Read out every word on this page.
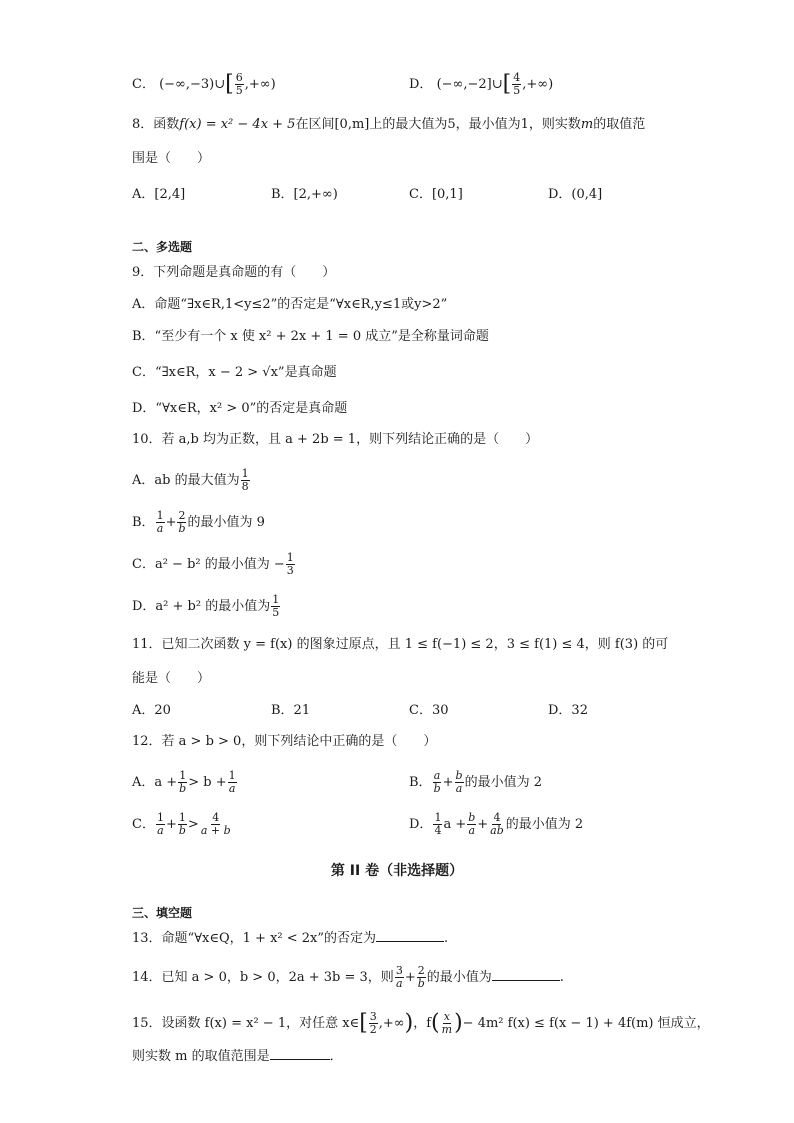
C． (−∞,−3)∪[ $\frac{6}{5}$ ,+∞)	D． (−∞,−2]∪[ $\frac{4}{5}$ ,+∞)
8．函数f(x) = x² − 4x + 5在区间[0,m]上的最大值为5，最小值为1，则实数m的取值范
围是（　　）
A．[2,4]	B．[2,+∞)	C．[0,1]	D．(0,4]
二、多选题
9．下列命题是真命题的有（　　）
A．命题“∃x∈R,1<y≤2”的否定是“∀x∈R,y≤1或y>2”
B．“至少有一个 x 使 x² + 2x + 1 = 0 成立”是全称量词命题
C．“∃x∈R，x − 2 > √x”是真命题
D．“∀x∈R，x² > 0”的否定是真命题
10．若 a,b 均为正数，且 a + 2b = 1，则下列结论正确的是（　　）
A．ab 的最大值为 $\frac{1}{8}$
B． $\frac{1}{a} + \frac{2}{b}$ 的最小值为 9
C．a² − b² 的最小值为 − $\frac{1}{3}$
D．a² + b² 的最小值为 $\frac{1}{5}$
11．已知二次函数 y = f(x) 的图象过原点，且 1 ≤ f(−1) ≤ 2，3 ≤ f(1) ≤ 4，则 f(3) 的可
能是（　　）
A．20	B．21	C．30	D．32
12．若 a > b > 0，则下列结论中正确的是（　　）
A．$a + \frac{1}{b} > b + \frac{1}{a}$	B． $\frac{a}{b} + \frac{b}{a}$ 的最小值为 2
C． $\frac{1}{a} + \frac{1}{b} > \frac{4}{a + b}$	D． $\frac{1}{4}$ $a + \frac{b}{a} + \frac{4}{ab}$ 的最小值为 2
第 II 卷（非选择题）
三、填空题
13．命题“∀x∈Q，1 + x² < 2x”的否定为	.
14．已知 a > 0，b > 0，2a + 3b = 3，则 $\frac{3}{a} + \frac{2}{b}$ 的最小值为	.
15．设函数 f(x) = x² − 1，对任意 x∈[ $\frac{3}{2}$ ,+∞)，$f( \frac{x}{m}$ )− 4m² f(x) ≤ f(x − 1) + 4f(m) 恒成立，
则实数 m 的取值范围是	．
